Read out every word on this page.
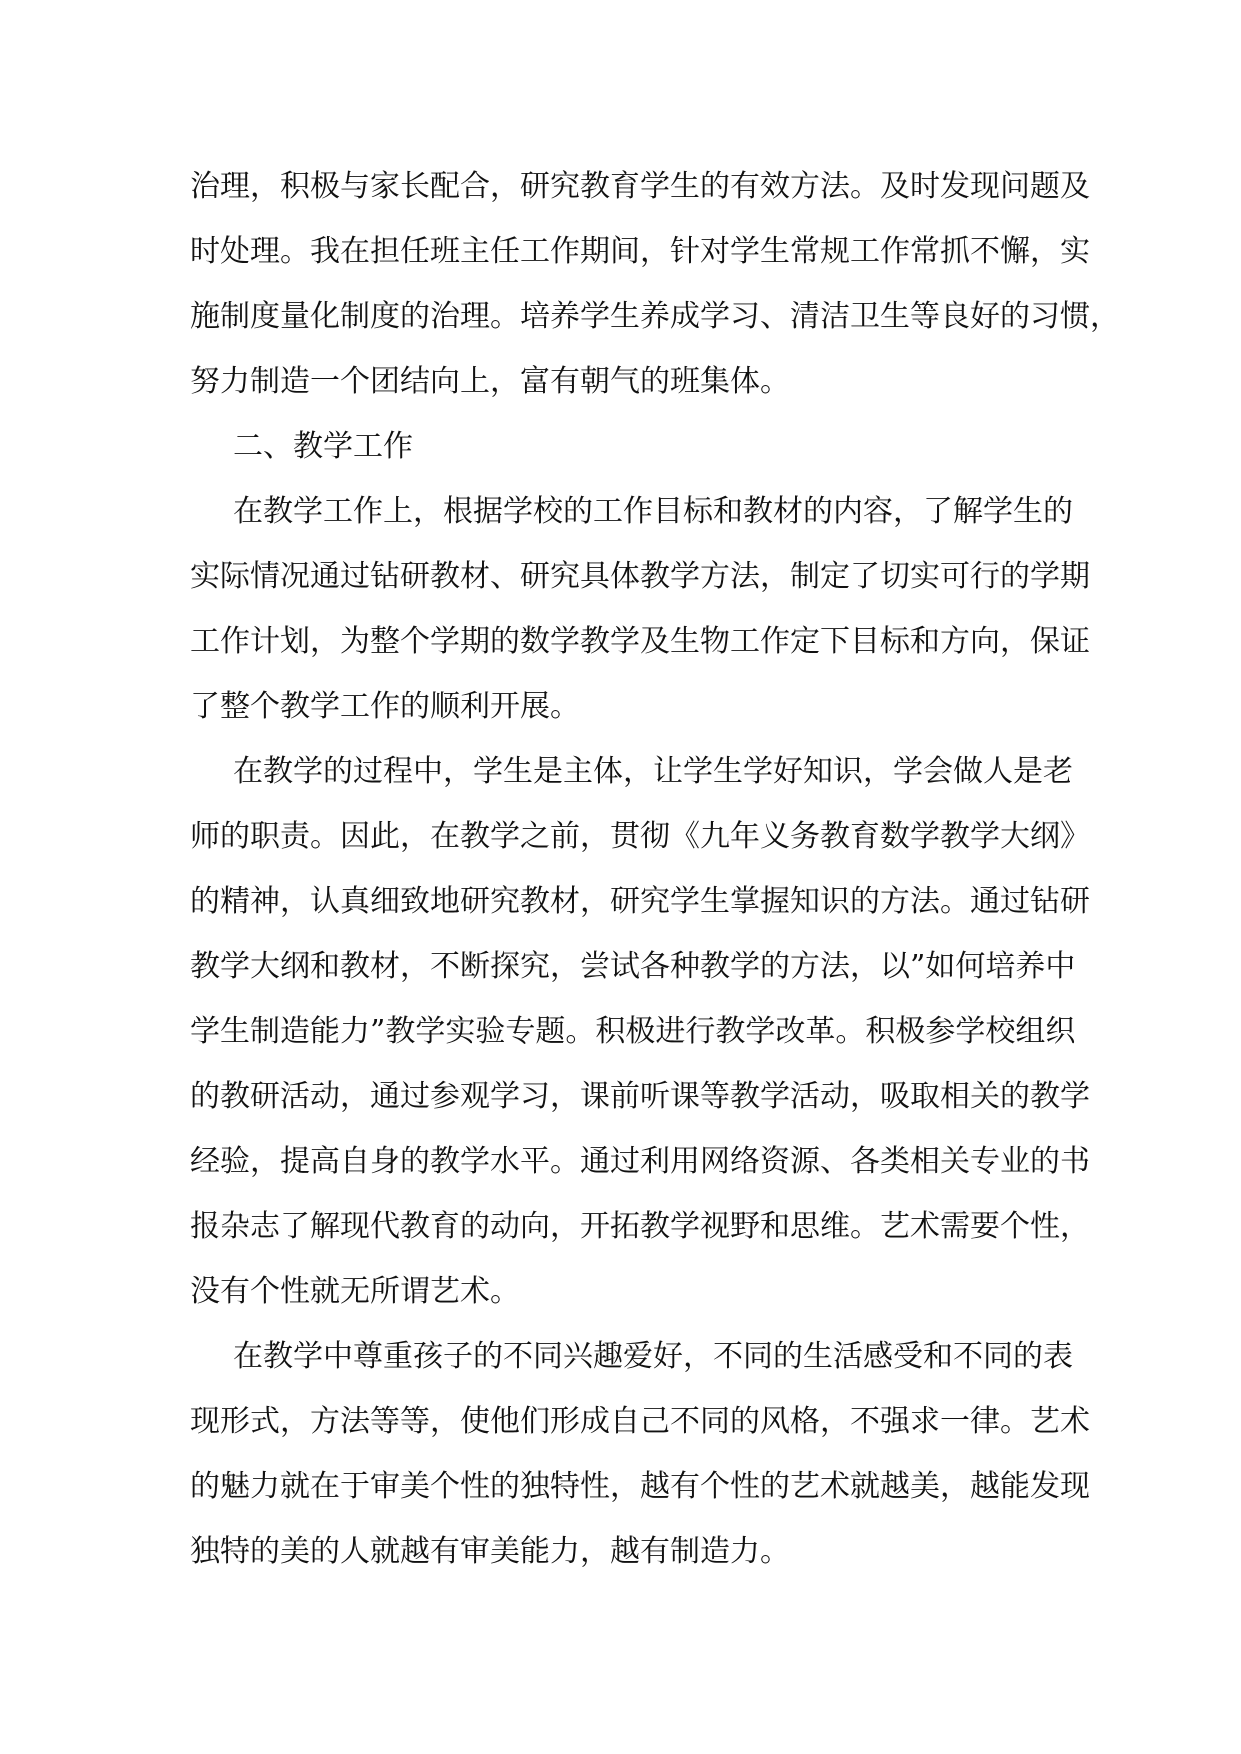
治理，积极与家长配合，研究教育学生的有效方法。及时发现问题及
时处理。我在担任班主任工作期间，针对学生常规工作常抓不懈，实
施制度量化制度的治理。培养学生养成学习、清洁卫生等良好的习惯，
努力制造一个团结向上，富有朝气的班集体。
二、教学工作
在教学工作上，根据学校的工作目标和教材的内容，了解学生的
实际情况通过钻研教材、研究具体教学方法，制定了切实可行的学期
工作计划，为整个学期的数学教学及生物工作定下目标和方向，保证
了整个教学工作的顺利开展。
在教学的过程中，学生是主体，让学生学好知识，学会做人是老
师的职责。因此，在教学之前，贯彻《九年义务教育数学教学大纲》
的精神，认真细致地研究教材，研究学生掌握知识的方法。通过钻研
教学大纲和教材，不断探究，尝试各种教学的方法，以”如何培养中
学生制造能力”教学实验专题。积极进行教学改革。积极参学校组织
的教研活动，通过参观学习，课前听课等教学活动，吸取相关的教学
经验，提高自身的教学水平。通过利用网络资源、各类相关专业的书
报杂志了解现代教育的动向，开拓教学视野和思维。艺术需要个性，
没有个性就无所谓艺术。
在教学中尊重孩子的不同兴趣爱好，不同的生活感受和不同的表
现形式，方法等等，使他们形成自己不同的风格，不强求一律。艺术
的魅力就在于审美个性的独特性，越有个性的艺术就越美，越能发现
独特的美的人就越有审美能力，越有制造力。
